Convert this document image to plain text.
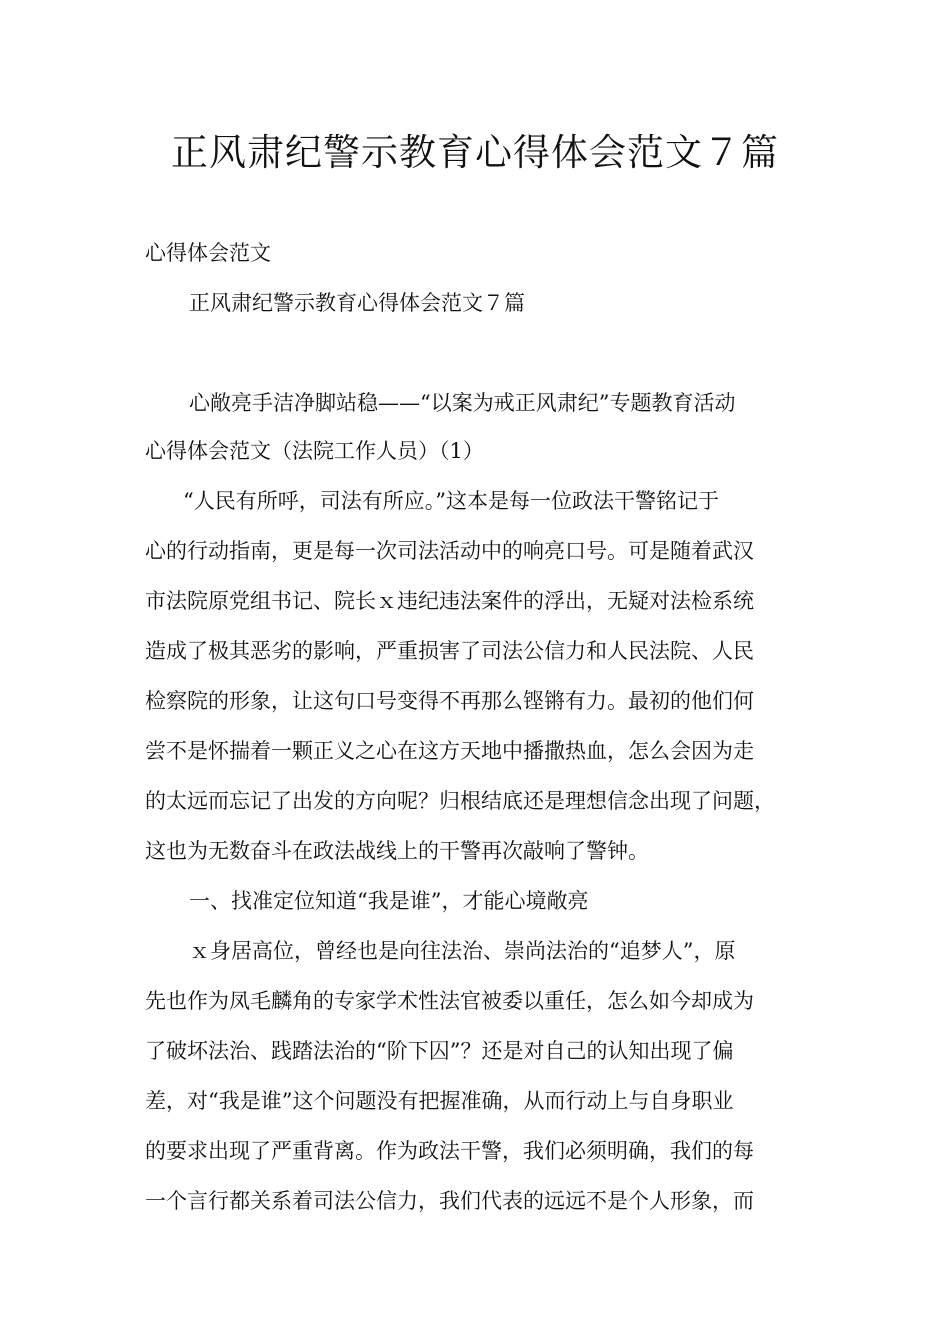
正风肃纪警示教育心得体会范文７篇

心得体会范文

正风肃纪警示教育心得体会范文７篇

心敞亮手洁净脚站稳——“以案为戒正风肃纪”专题教育活动

心得体会范文（法院工作人员）（1）

“人民有所呼，司法有所应。”这本是每一位政法干警铭记于

心的行动指南，更是每一次司法活动中的响亮口号。可是随着武汉

市法院原党组书记、院长ｘ违纪违法案件的浮出，无疑对法检系统

造成了极其恶劣的影响，严重损害了司法公信力和人民法院、人民

检察院的形象，让这句口号变得不再那么铿锵有力。最初的他们何

尝不是怀揣着一颗正义之心在这方天地中播撒热血，怎么会因为走

的太远而忘记了出发的方向呢？归根结底还是理想信念出现了问题，

这也为无数奋斗在政法战线上的干警再次敲响了警钟。

一、找准定位知道“我是谁”，才能心境敞亮

ｘ身居高位，曾经也是向往法治、崇尚法治的“追梦人”，原

先也作为凤毛麟角的专家学术性法官被委以重任，怎么如今却成为

了破坏法治、践踏法治的“阶下囚”？还是对自己的认知出现了偏

差，对“我是谁”这个问题没有把握准确，从而行动上与自身职业

的要求出现了严重背离。作为政法干警，我们必须明确，我们的每

一个言行都关系着司法公信力，我们代表的远远不是个人形象，而
